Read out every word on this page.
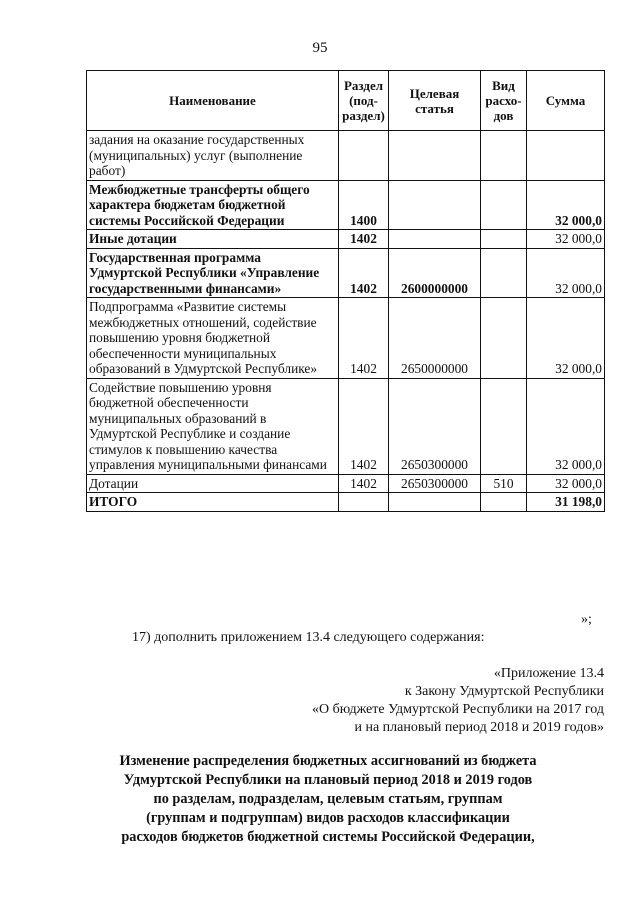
95
Наименование	Раздел (под-раздел)	Целевая статья	Вид расхо-дов	Сумма
задания на оказание государственных (муниципальных) услуг (выполнение работ)				
Межбюджетные трансферты общего характера бюджетам бюджетной системы Российской Федерации	1400			32 000,0
Иные дотации	1402			32 000,0
Государственная программа Удмуртской Республики «Управление государственными финансами»	1402	2600000000		32 000,0
Подпрограмма «Развитие системы межбюджетных отношений, содействие повышению уровня бюджетной обеспеченности муниципальных образований в Удмуртской Республике»	1402	2650000000		32 000,0
Содействие повышению уровня бюджетной обеспеченности муниципальных образований в Удмуртской Республике и создание стимулов к повышению качества управления муниципальными финансами	1402	2650300000		32 000,0
Дотации	1402	2650300000	510	32 000,0
ИТОГО				31 198,0
»;
17) дополнить приложением 13.4 следующего содержания:
«Приложение 13.4
к Закону Удмуртской Республики
«О бюджете Удмуртской Республики на 2017 год
и на плановый период 2018 и 2019 годов»
Изменение распределения бюджетных ассигнований из бюджета
Удмуртской Республики на плановый период 2018 и 2019 годов
по разделам, подразделам, целевым статьям, группам
(группам и подгруппам) видов расходов классификации
расходов бюджетов бюджетной системы Российской Федерации,
